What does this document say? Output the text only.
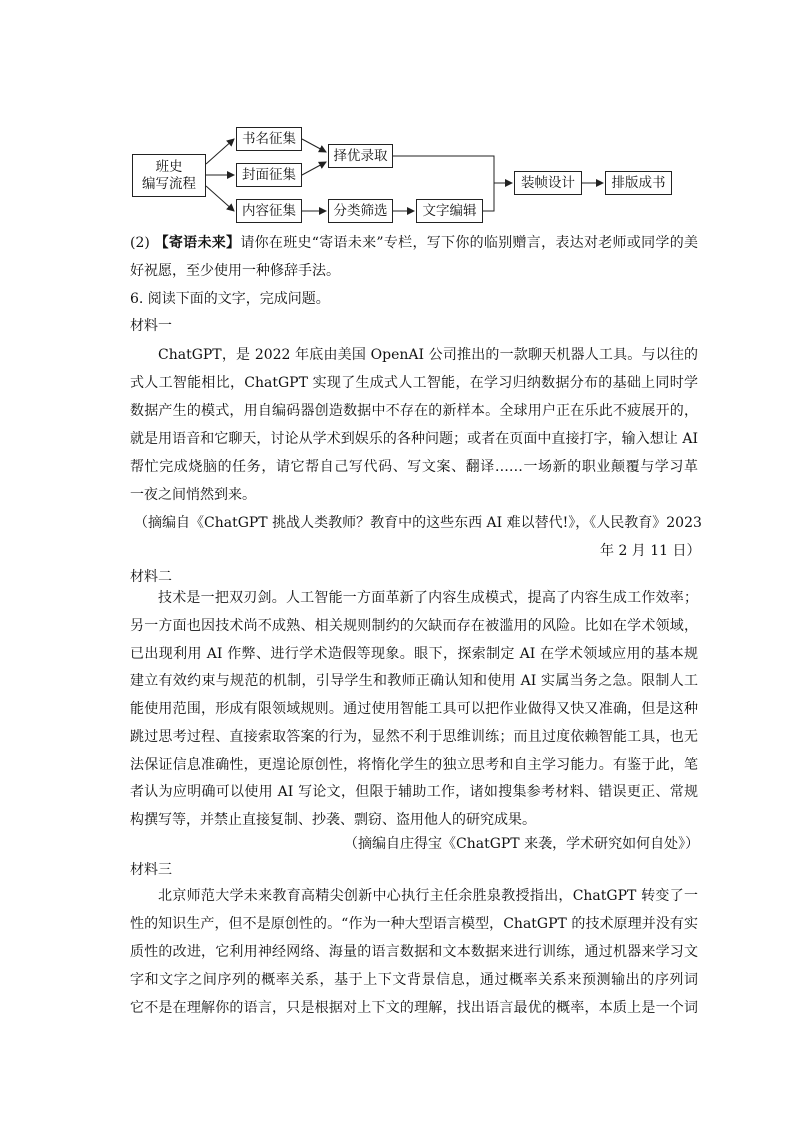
班史
编写流程
书名征集
封面征集
内容征集
择优录取
分类筛选	文字编辑
装帧设计	排版成书
(2) 【寄语未来】请你在班史“寄语未来”专栏，写下你的临别赠言，表达对老师或同学的美
好祝愿，至少使用一种修辞手法。
6. 阅读下面的文字，完成问题。
材料一
ChatGPT，是 2022 年底由美国 OpenAI 公司推出的一款聊天机器人工具。与以往的
式人工智能相比，ChatGPT 实现了生成式人工智能，在学习归纳数据分布的基础上同时学
数据产生的模式，用自编码器创造数据中不存在的新样本。全球用户正在乐此不疲展开的，
就是用语音和它聊天，讨论从学术到娱乐的各种问题；或者在页面中直接打字，输入想让 AI
帮忙完成烧脑的任务，请它帮自己写代码、写文案、翻译……一场新的职业颠覆与学习革
一夜之间悄然到来。
（摘编自《ChatGPT 挑战人类教师？教育中的这些东西 AI 难以替代!》，《人民教育》2023
年 2 月 11 日）
材料二
技术是一把双刃剑。人工智能一方面革新了内容生成模式，提高了内容生成工作效率；
另一方面也因技术尚不成熟、相关规则制约的欠缺而存在被滥用的风险。比如在学术领域，
已出现利用 AI 作弊、进行学术造假等现象。眼下，探索制定 AI 在学术领域应用的基本规
建立有效约束与规范的机制，引导学生和教师正确认知和使用 AI 实属当务之急。限制人工
能使用范围，形成有限领域规则。通过使用智能工具可以把作业做得又快又准确，但是这种
跳过思考过程、直接索取答案的行为，显然不利于思维训练；而且过度依赖智能工具，也无
法保证信息准确性，更遑论原创性，将惰化学生的独立思考和自主学习能力。有鉴于此，笔
者认为应明确可以使用 AI 写论文，但限于辅助工作，诸如搜集参考材料、错误更正、常规
构撰写等，并禁止直接复制、抄袭、剽窃、盗用他人的研究成果。
（摘编自庄得宝《ChatGPT 来袭，学术研究如何自处》）
材料三
北京师范大学未来教育高精尖创新中心执行主任余胜泉教授指出，ChatGPT 转变了一
性的知识生产，但不是原创性的。“作为一种大型语言模型，ChatGPT 的技术原理并没有实
质性的改进，它利用神经网络、海量的语言数据和文本数据来进行训练，通过机器来学习文
字和文字之间序列的概率关系，基于上下文背景信息，通过概率关系来预测输出的序列词
它不是在理解你的语言，只是根据对上下文的理解，找出语言最优的概率，本质上是一个词
